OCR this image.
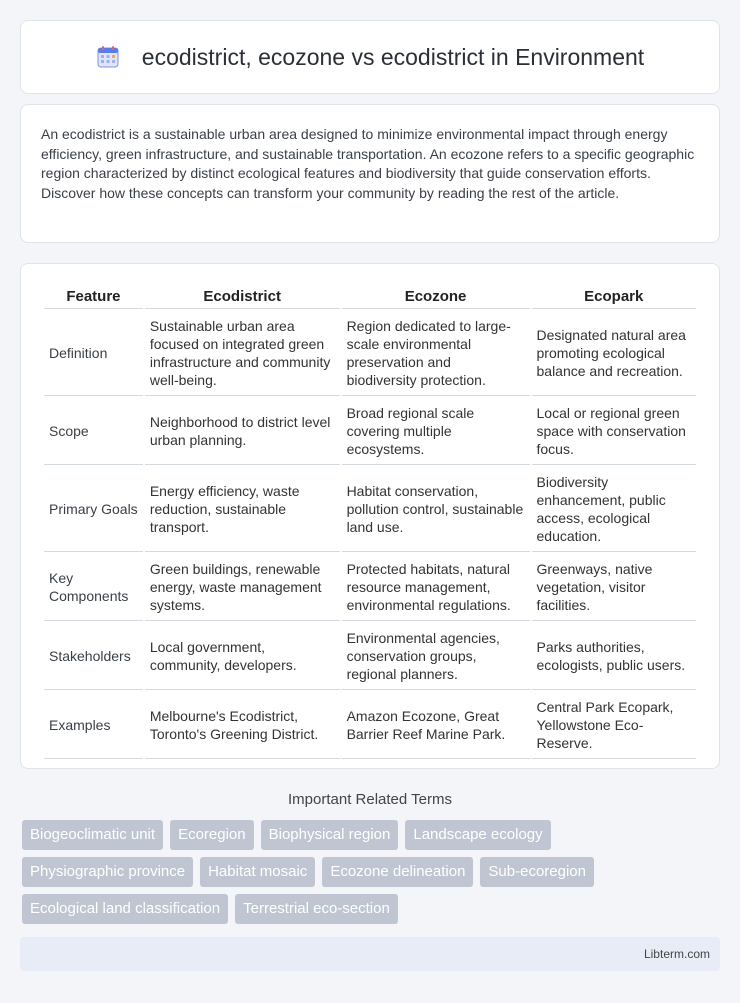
ecodistrict, ecozone vs ecodistrict in Environment

An ecodistrict is a sustainable urban area designed to minimize environmental impact through energy efficiency, green infrastructure, and sustainable transportation. An ecozone refers to a specific geographic region characterized by distinct ecological features and biodiversity that guide conservation efforts. Discover how these concepts can transform your community by reading the rest of the article.

Feature	Ecodistrict	Ecozone	Ecopark
Definition	Sustainable urban area focused on integrated green infrastructure and community well-being.	Region dedicated to large-scale environmental preservation and biodiversity protection.	Designated natural area promoting ecological balance and recreation.
Scope	Neighborhood to district level urban planning.	Broad regional scale covering multiple ecosystems.	Local or regional green space with conservation focus.
Primary Goals	Energy efficiency, waste reduction, sustainable transport.	Habitat conservation, pollution control, sustainable land use.	Biodiversity enhancement, public access, ecological education.
Key Components	Green buildings, renewable energy, waste management systems.	Protected habitats, natural resource management, environmental regulations.	Greenways, native vegetation, visitor facilities.
Stakeholders	Local government, community, developers.	Environmental agencies, conservation groups, regional planners.	Parks authorities, ecologists, public users.
Examples	Melbourne's Ecodistrict, Toronto's Greening District.	Amazon Ecozone, Great Barrier Reef Marine Park.	Central Park Ecopark, Yellowstone Eco-Reserve.
Important Related Terms
Biogeoclimatic unit	Ecoregion	Biophysical region	Landscape ecology
Physiographic province	Habitat mosaic	Ecozone delineation	Sub-ecoregion
Ecological land classification	Terrestrial eco-section
Libterm.com
